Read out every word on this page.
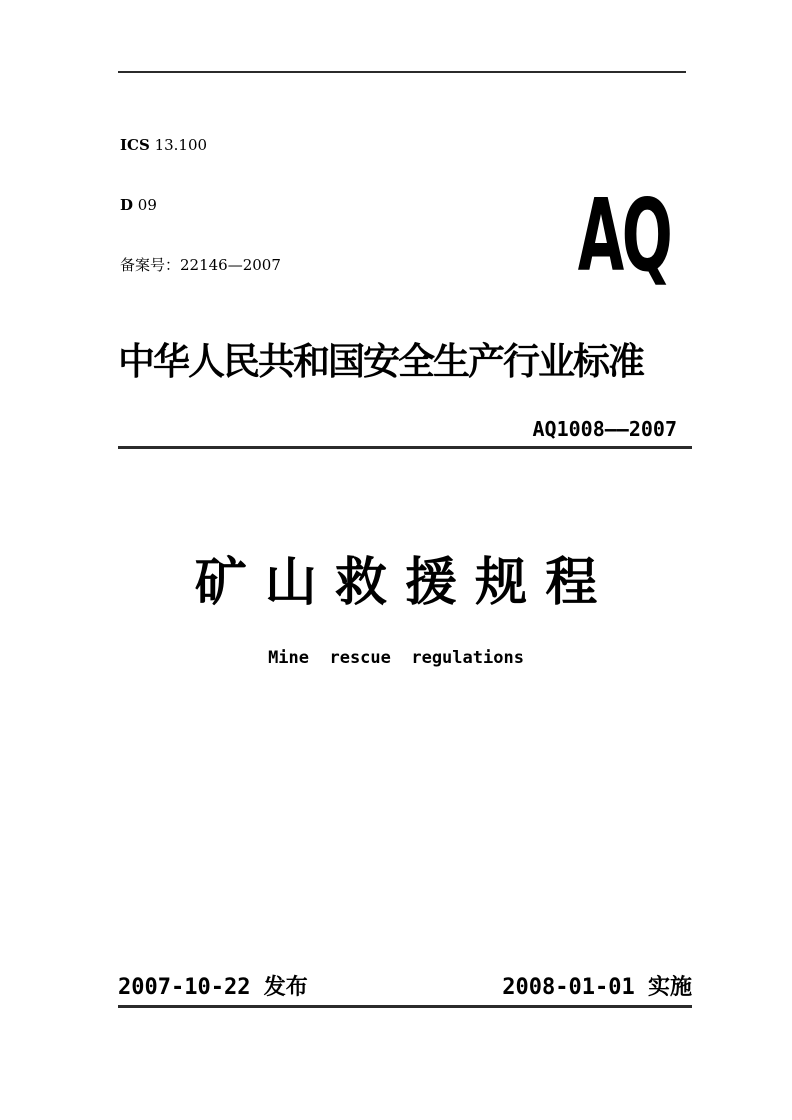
ICS 13.100

D 09

备案号：22146—2007

	AQ
中华人民共和国安全生产行业标准
AQ1008——2007
矿 山 救 援 规 程
Mine  rescue  regulations
2007-10-22 发布	2008-01-01 实施
